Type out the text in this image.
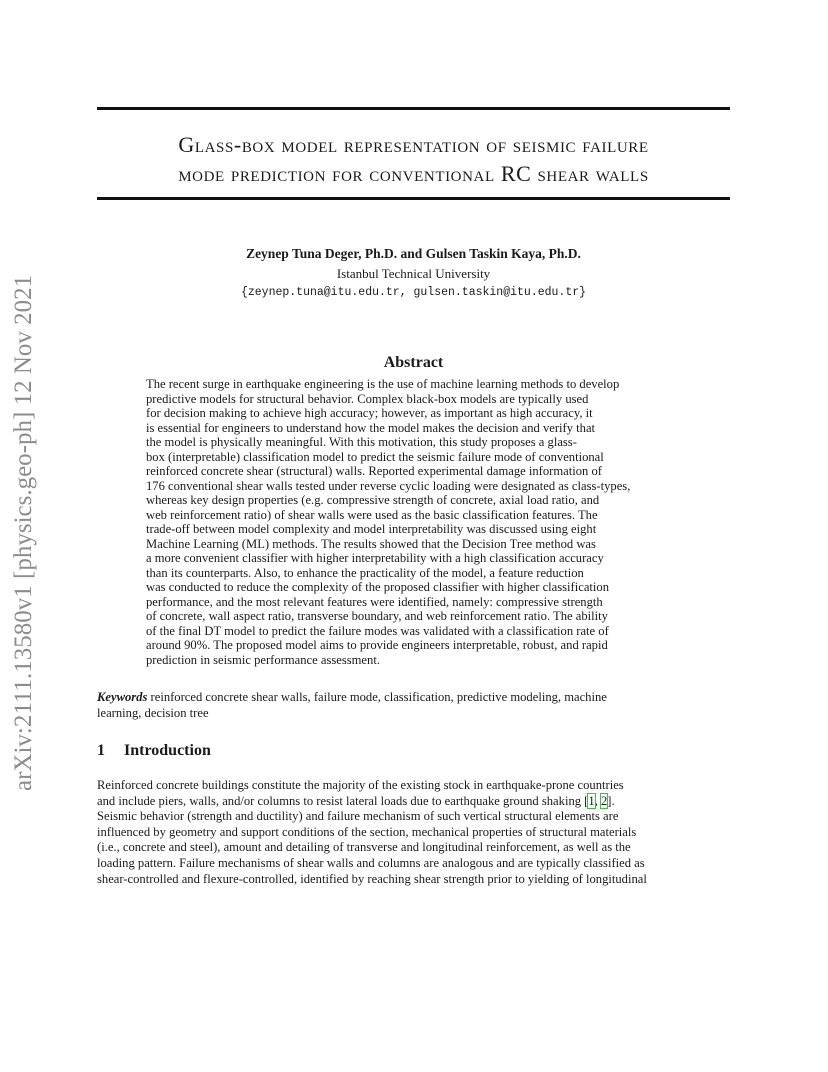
arXiv:2111.13580v1 [physics.geo-ph] 12 Nov 2021
Glass-box model representation of seismic failure
mode prediction for conventional RC shear walls
Zeynep Tuna Deger, Ph.D. and Gulsen Taskin Kaya, Ph.D.
Istanbul Technical University
{zeynep.tuna@itu.edu.tr, gulsen.taskin@itu.edu.tr}
Abstract
The recent surge in earthquake engineering is the use of machine learning methods to develop
predictive models for structural behavior. Complex black-box models are typically used
for decision making to achieve high accuracy; however, as important as high accuracy, it
is essential for engineers to understand how the model makes the decision and verify that
the model is physically meaningful. With this motivation, this study proposes a glass-
box (interpretable) classification model to predict the seismic failure mode of conventional
reinforced concrete shear (structural) walls. Reported experimental damage information of
176 conventional shear walls tested under reverse cyclic loading were designated as class-types,
whereas key design properties (e.g. compressive strength of concrete, axial load ratio, and
web reinforcement ratio) of shear walls were used as the basic classification features. The
trade-off between model complexity and model interpretability was discussed using eight
Machine Learning (ML) methods. The results showed that the Decision Tree method was
a more convenient classifier with higher interpretability with a high classification accuracy
than its counterparts. Also, to enhance the practicality of the model, a feature reduction
was conducted to reduce the complexity of the proposed classifier with higher classification
performance, and the most relevant features were identified, namely: compressive strength
of concrete, wall aspect ratio, transverse boundary, and web reinforcement ratio. The ability
of the final DT model to predict the failure modes was validated with a classification rate of
around 90%. The proposed model aims to provide engineers interpretable, robust, and rapid
prediction in seismic performance assessment.
Keywords reinforced concrete shear walls, failure mode, classification, predictive modeling, machine
learning, decision tree
1 Introduction
Reinforced concrete buildings constitute the majority of the existing stock in earthquake-prone countries
and include piers, walls, and/or columns to resist lateral loads due to earthquake ground shaking [1, 2].
Seismic behavior (strength and ductility) and failure mechanism of such vertical structural elements are
influenced by geometry and support conditions of the section, mechanical properties of structural materials
(i.e., concrete and steel), amount and detailing of transverse and longitudinal reinforcement, as well as the
loading pattern. Failure mechanisms of shear walls and columns are analogous and are typically classified as
shear-controlled and flexure-controlled, identified by reaching shear strength prior to yielding of longitudinal
